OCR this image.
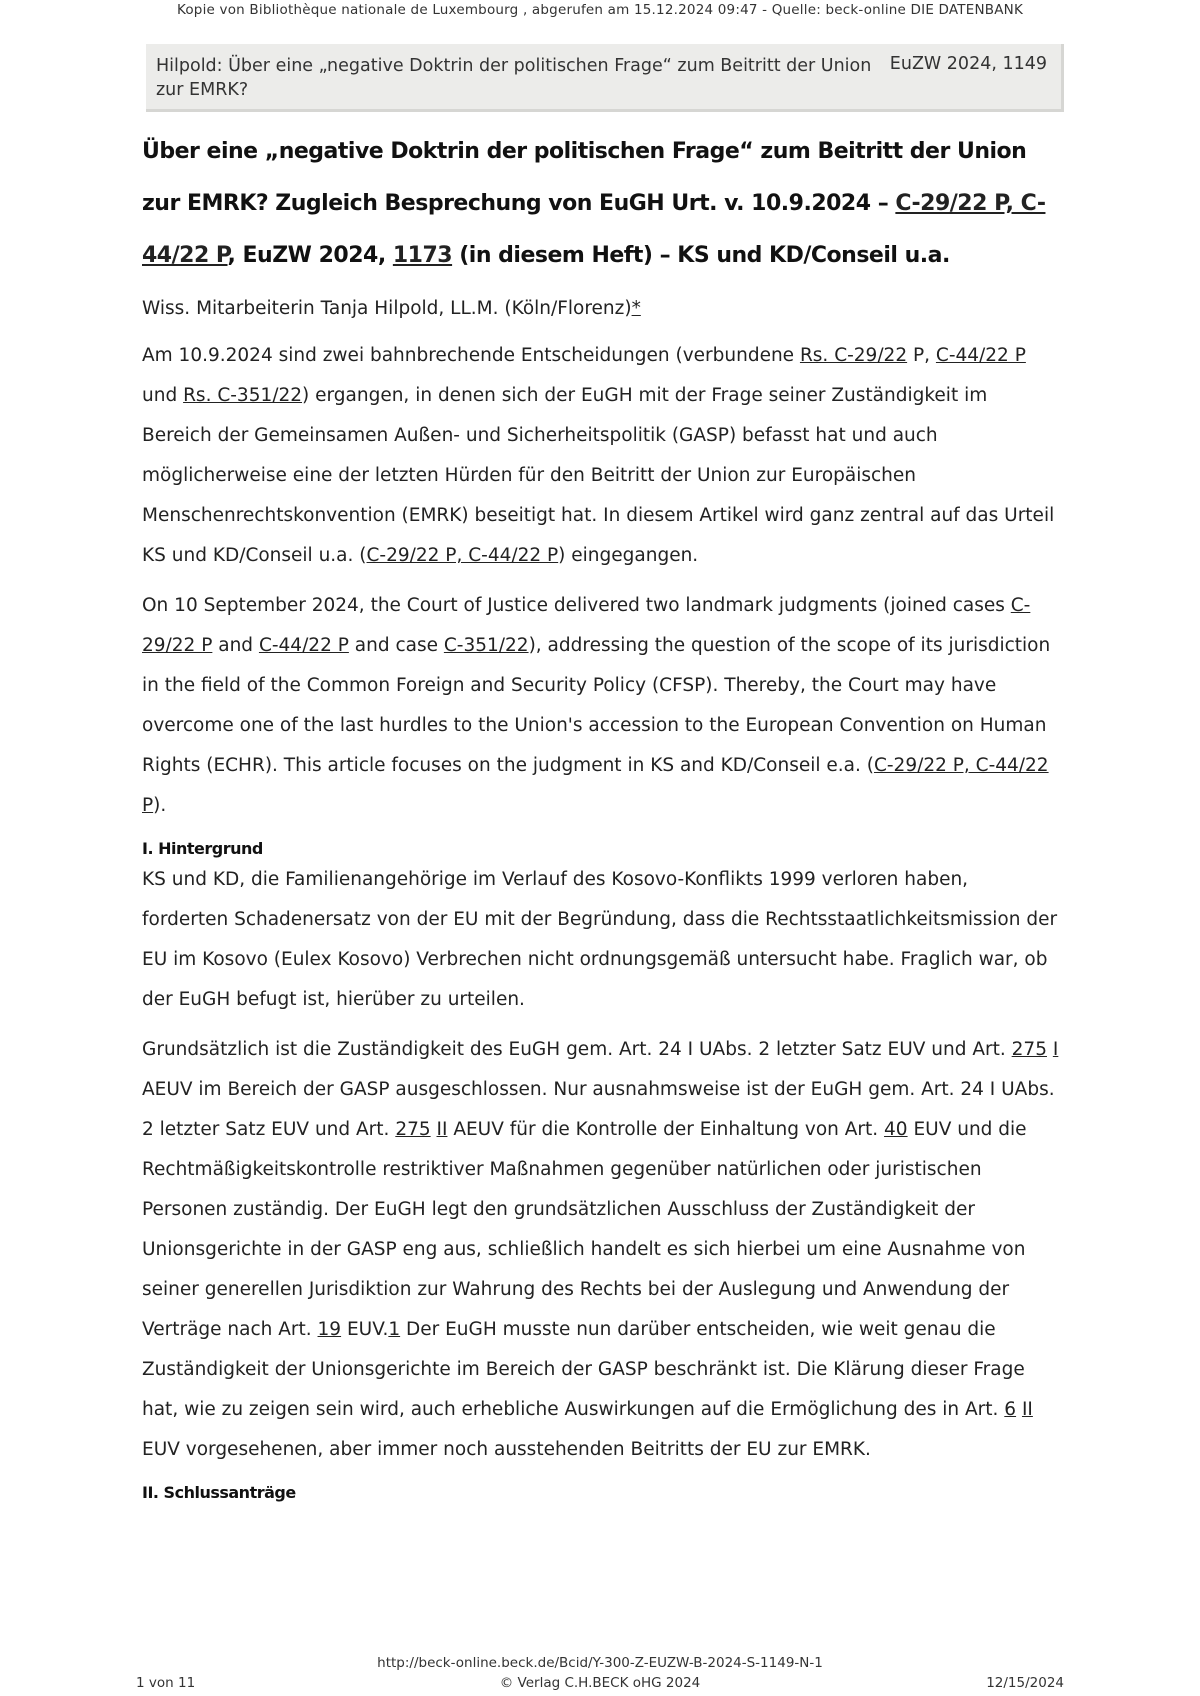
Kopie von Bibliothèque nationale de Luxembourg , abgerufen am 15.12.2024 09:47 - Quelle: beck-online DIE DATENBANK
Hilpold: Über eine „negative Doktrin der politischen Frage“ zum Beitritt der Union zur EMRK?
EuZW 2024, 1149
Über eine „negative Doktrin der politischen Frage“ zum Beitritt der Union zur EMRK? Zugleich Besprechung von EuGH Urt. v. 10.9.2024 – C-29/22 P, C-44/22 P, EuZW 2024, 1173 (in diesem Heft) – KS und KD/Conseil u.a.
Wiss. Mitarbeiterin Tanja Hilpold, LL.M. (Köln/Florenz)*

Am 10.9.2024 sind zwei bahnbrechende Entscheidungen (verbundene Rs. C-29/22 P, C-44/22 P und Rs. C-351/22) ergangen, in denen sich der EuGH mit der Frage seiner Zuständigkeit im Bereich der Gemeinsamen Außen- und Sicherheitspolitik (GASP) befasst hat und auch möglicherweise eine der letzten Hürden für den Beitritt der Union zur Europäischen Menschenrechtskonvention (EMRK) beseitigt hat. In diesem Artikel wird ganz zentral auf das Urteil KS und KD/Conseil u.a. (C-29/22 P, C-44/22 P) eingegangen.

On 10 September 2024, the Court of Justice delivered two landmark judgments (joined cases C-29/22 P and C-44/22 P and case C-351/22), addressing the question of the scope of its jurisdiction in the field of the Common Foreign and Security Policy (CFSP). Thereby, the Court may have overcome one of the last hurdles to the Union's accession to the European Convention on Human Rights (ECHR). This article focuses on the judgment in KS and KD/Conseil e.a. (C-29/22 P, C-44/22 P).

I. Hintergrund

KS und KD, die Familienangehörige im Verlauf des Kosovo-Konflikts 1999 verloren haben, forderten Schadenersatz von der EU mit der Begründung, dass die Rechtsstaatlichkeitsmission der EU im Kosovo (Eulex Kosovo) Verbrechen nicht ordnungsgemäß untersucht habe. Fraglich war, ob der EuGH befugt ist, hierüber zu urteilen.

Grundsätzlich ist die Zuständigkeit des EuGH gem. Art. 24 I UAbs. 2 letzter Satz EUV und Art. 275 I AEUV im Bereich der GASP ausgeschlossen. Nur ausnahmsweise ist der EuGH gem. Art. 24 I UAbs. 2 letzter Satz EUV und Art. 275 II AEUV für die Kontrolle der Einhaltung von Art. 40 EUV und die Rechtmäßigkeitskontrolle restriktiver Maßnahmen gegenüber natürlichen oder juristischen Personen zuständig. Der EuGH legt den grundsätzlichen Ausschluss der Zuständigkeit der Unionsgerichte in der GASP eng aus, schließlich handelt es sich hierbei um eine Ausnahme von seiner generellen Jurisdiktion zur Wahrung des Rechts bei der Auslegung und Anwendung der Verträge nach Art. 19 EUV.1 Der EuGH musste nun darüber entscheiden, wie weit genau die Zuständigkeit der Unionsgerichte im Bereich der GASP beschränkt ist. Die Klärung dieser Frage hat, wie zu zeigen sein wird, auch erhebliche Auswirkungen auf die Ermöglichung des in Art. 6 II EUV vorgesehenen, aber immer noch ausstehenden Beitritts der EU zur EMRK.

II. Schlussanträge
http://beck-online.beck.de/Bcid/Y-300-Z-EUZW-B-2024-S-1149-N-1
1 von 11	© Verlag C.H.BECK oHG 2024	12/15/2024
